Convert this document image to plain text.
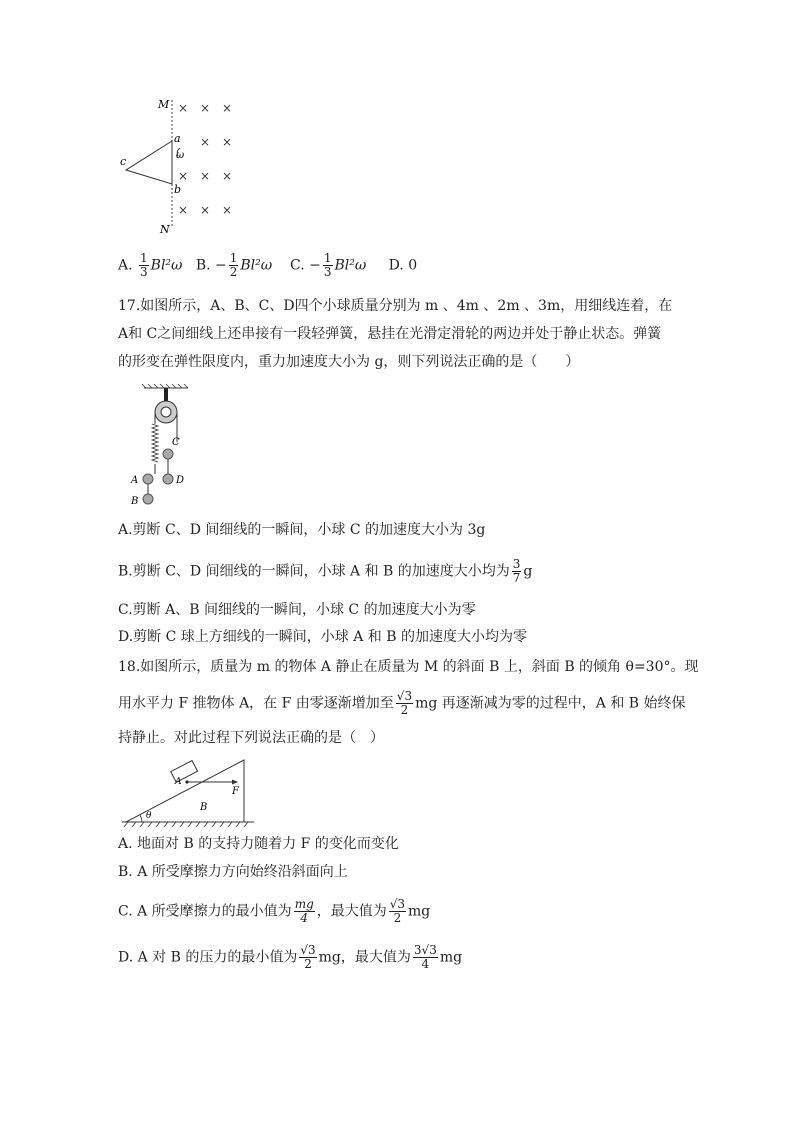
M
N
× × ×
× ×
× × ×
× × ×
a
b
c	ω
A. $\frac{1}{3} Bl^2\omega$ B. − $\frac{1}{2} Bl^2\omega$ C. − $\frac{1}{3} Bl^2\omega$ D. 0
17.如图所示，A、B、C、D四个小球质量分别为 m 、4m 、2m 、3m，用细线连着，在
A和 C之间细线上还串接有一段轻弹簧，悬挂在光滑定滑轮的两边并处于静止状态。弹簧
的形变在弹性限度内，重力加速度大小为 g，则下列说法正确的是（　　）
A
B
C
D
A.剪断 C、D 间细线的一瞬间，小球 C 的加速度大小为 3g
B.剪断 C、D 间细线的一瞬间，小球 A 和 B 的加速度大小均为 $\frac{3}{7}$ g
C.剪断 A、B 间细线的一瞬间，小球 C 的加速度大小为零
D.剪断 C 球上方细线的一瞬间，小球 A 和 B 的加速度大小均为零
18.如图所示，质量为 m 的物体 A 静止在质量为 M 的斜面 B 上，斜面 B 的倾角 θ=30°。现
用水平力 F 推物体 A，在 F 由零逐渐增加至 $\frac{√3}{2}$ mg 再逐渐减为零的过程中，A 和 B 始终保
持静止。对此过程下列说法正确的是（　）
A
F
B
θ
A. 地面对 B 的支持力随着力 F 的变化而变化
B. A 所受摩擦力方向始终沿斜面向上
C. A 所受摩擦力的最小值为 $\frac{mg}{4}$ ，最大值为 $\frac{√3}{2}$ mg
D. A 对 B 的压力的最小值为 $\frac{√3}{2}$ mg，最大值为 $\frac{3√3}{4}$ mg
